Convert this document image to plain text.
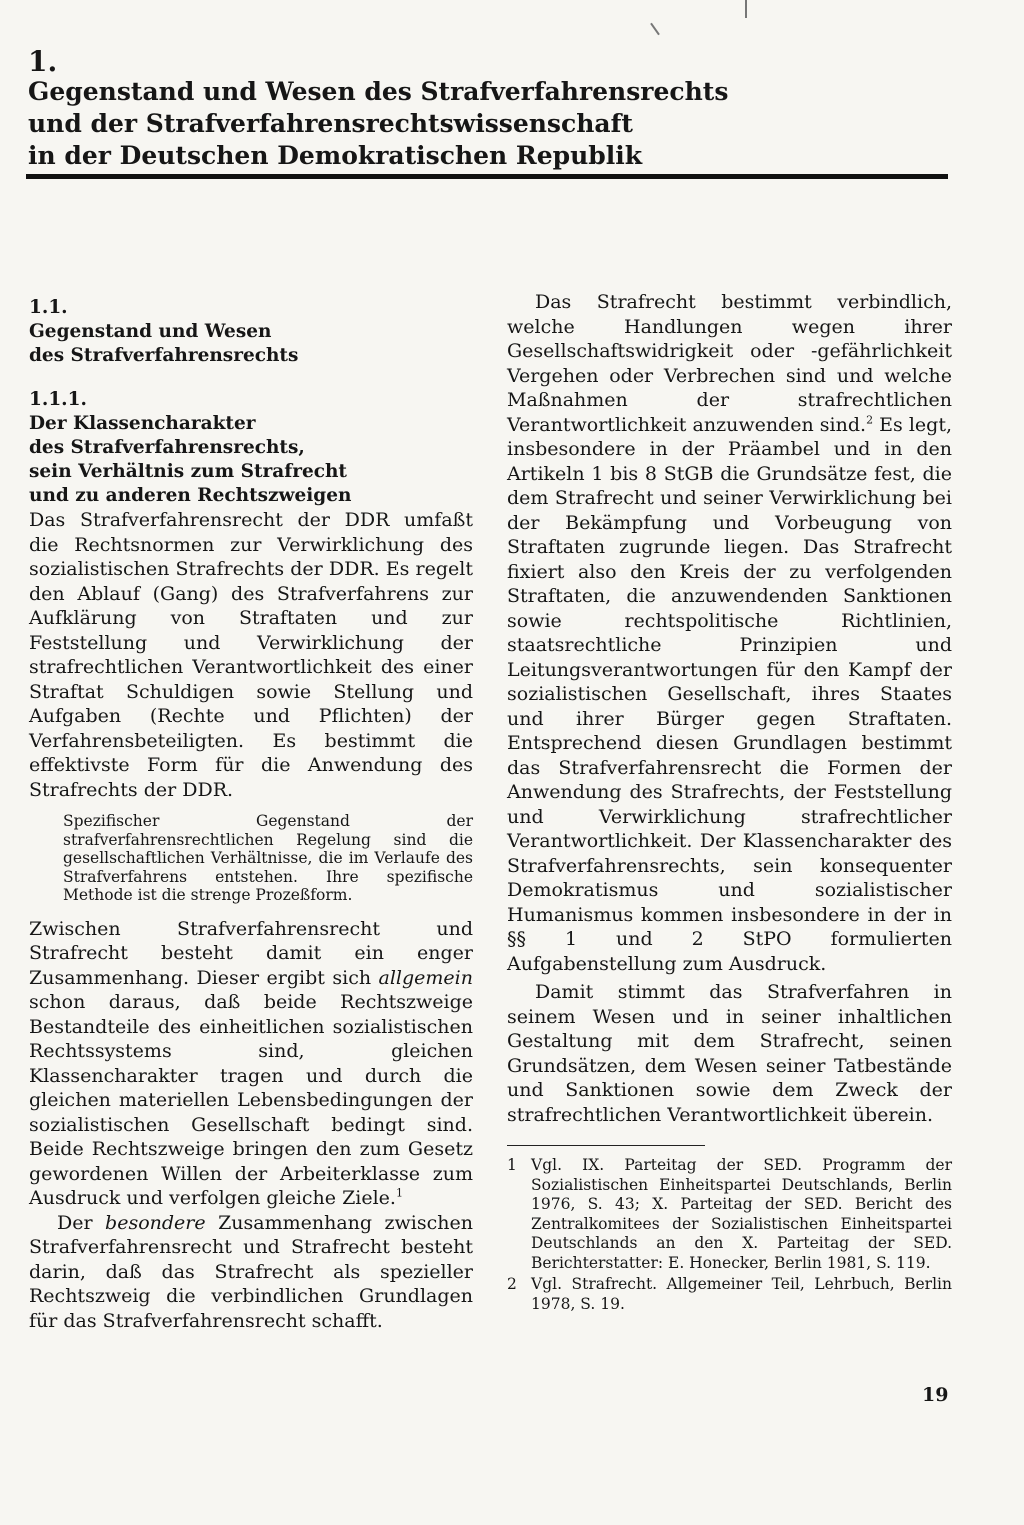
1.
Gegenstand und Wesen des Strafverfahrensrechts
und der Strafverfahrensrechtswissenschaft
in der Deutschen Demokratischen Republik

1.1.

Gegenstand und Wesen
des Strafverfahrensrechts

1.1.1.

Der Klassencharakter
des Strafverfahrensrechts,
sein Verhältnis zum Strafrecht
und zu anderen Rechtszweigen

Das Strafverfahrensrecht der DDR umfaßt die Rechtsnormen zur Verwirklichung des sozialistischen Strafrechts der DDR. Es regelt den Ablauf (Gang) des Strafverfahrens zur Aufklärung von Straftaten und zur Feststellung und Verwirklichung der strafrechtlichen Verantwortlichkeit des einer Straftat Schuldigen sowie Stellung und Aufgaben (Rechte und Pflichten) der Verfahrensbeteiligten. Es bestimmt die effektivste Form für die Anwendung des Strafrechts der DDR.

Spezifischer Gegenstand der strafverfahrensrechtlichen Regelung sind die gesellschaftlichen Verhältnisse, die im Verlaufe des Strafverfahrens entstehen. Ihre spezifische Methode ist die strenge Prozeßform.

Zwischen Strafverfahrensrecht und Strafrecht besteht damit ein enger Zusammenhang. Dieser ergibt sich allgemein schon daraus, daß beide Rechtszweige Bestandteile des einheitlichen sozialistischen Rechtssystems sind, gleichen Klassencharakter tragen und durch die gleichen materiellen Lebensbedingungen der sozialistischen Gesellschaft bedingt sind. Beide Rechtszweige bringen den zum Gesetz gewordenen Willen der Arbeiterklasse zum Ausdruck und verfolgen gleiche Ziele.$^1$

Der besondere Zusammenhang zwischen Strafverfahrensrecht und Strafrecht besteht darin, daß das Strafrecht als spezieller Rechtszweig die verbindlichen Grundlagen für das Strafverfahrensrecht schafft.

Das Strafrecht bestimmt verbindlich, welche Handlungen wegen ihrer Gesellschaftswidrigkeit oder -gefährlichkeit Vergehen oder Verbrechen sind und welche Maßnahmen der strafrechtlichen Verantwortlichkeit anzuwenden sind.$^2$ Es legt, insbesondere in der Präambel und in den Artikeln 1 bis 8 StGB die Grundsätze fest, die dem Strafrecht und seiner Verwirklichung bei der Bekämpfung und Vorbeugung von Straftaten zugrunde liegen. Das Strafrecht fixiert also den Kreis der zu verfolgenden Straftaten, die anzuwendenden Sanktionen sowie rechtspolitische Richtlinien, staatsrechtliche Prinzipien und Leitungsverantwortungen für den Kampf der sozialistischen Gesellschaft, ihres Staates und ihrer Bürger gegen Straftaten. Entsprechend diesen Grundlagen bestimmt das Strafverfahrensrecht die Formen der Anwendung des Strafrechts, der Feststellung und Verwirklichung strafrechtlicher Verantwortlichkeit. Der Klassencharakter des Strafverfahrensrechts, sein konsequenter Demokratismus und sozialistischer Humanismus kommen insbesondere in der in §§ 1 und 2 StPO formulierten Aufgabenstellung zum Ausdruck.

Damit stimmt das Strafverfahren in seinem Wesen und in seiner inhaltlichen Gestaltung mit dem Strafrecht, seinen Grundsätzen, dem Wesen seiner Tatbestände und Sanktionen sowie dem Zweck der strafrechtlichen Verantwortlichkeit überein.

1 Vgl. IX. Parteitag der SED. Programm der Sozialistischen Einheitspartei Deutschlands, Berlin 1976, S. 43; X. Parteitag der SED. Bericht des Zentralkomitees der Sozialistischen Einheitspartei Deutschlands an den X. Parteitag der SED. Berichterstatter: E. Honecker, Berlin 1981, S. 119.
2 Vgl. Strafrecht. Allgemeiner Teil, Lehrbuch, Berlin 1978, S. 19.
19
